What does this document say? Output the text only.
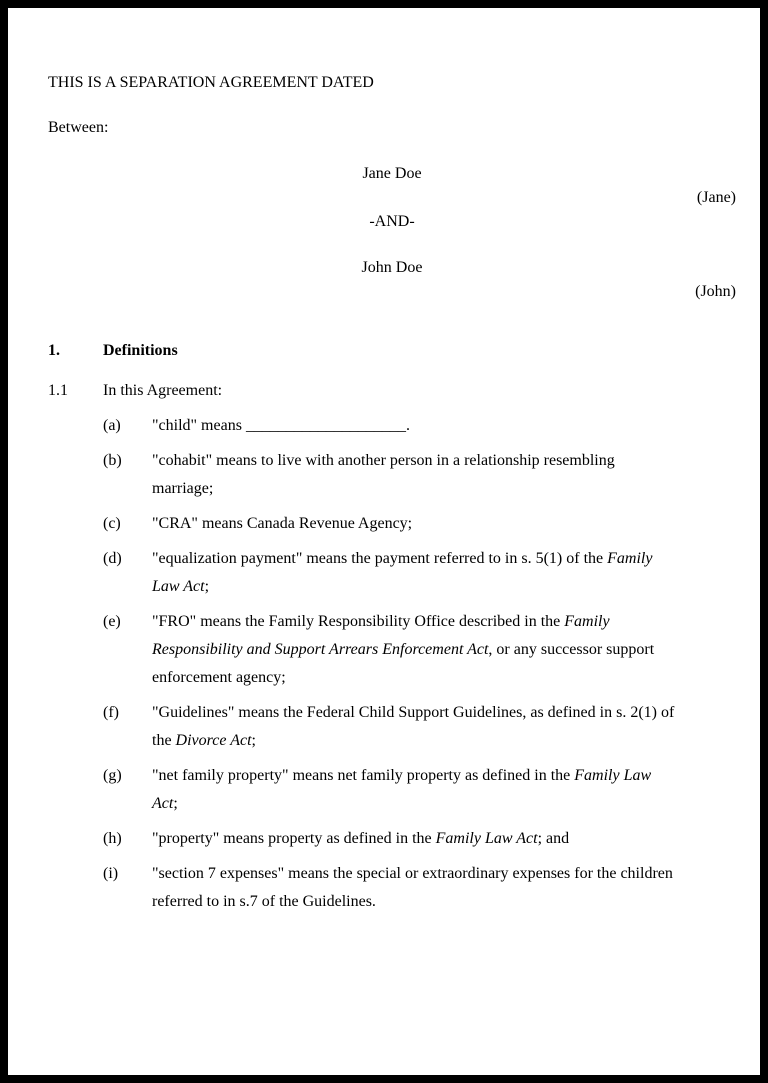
THIS IS A SEPARATION AGREEMENT DATED

Between:

Jane Doe

(Jane)

-AND-

John Doe

(John)

1.	Definitions
1.1	In this Agreement:
(a)	"child" means ____________________.
(b)	"cohabit" means to live with another person in a relationship resembling
marriage;
(c)	"CRA" means Canada Revenue Agency;
(d)	"equalization payment" means the payment referred to in s. 5(1) of the Family
Law Act;
(e)	"FRO" means the Family Responsibility Office described in the Family
Responsibility and Support Arrears Enforcement Act, or any successor support
enforcement agency;
(f)	"Guidelines" means the Federal Child Support Guidelines, as defined in s. 2(1) of
the Divorce Act;
(g)	"net family property" means net family property as defined in the Family Law
Act;
(h)	"property" means property as defined in the Family Law Act; and
(i)	"section 7 expenses" means the special or extraordinary expenses for the children
referred to in s.7 of the Guidelines.
